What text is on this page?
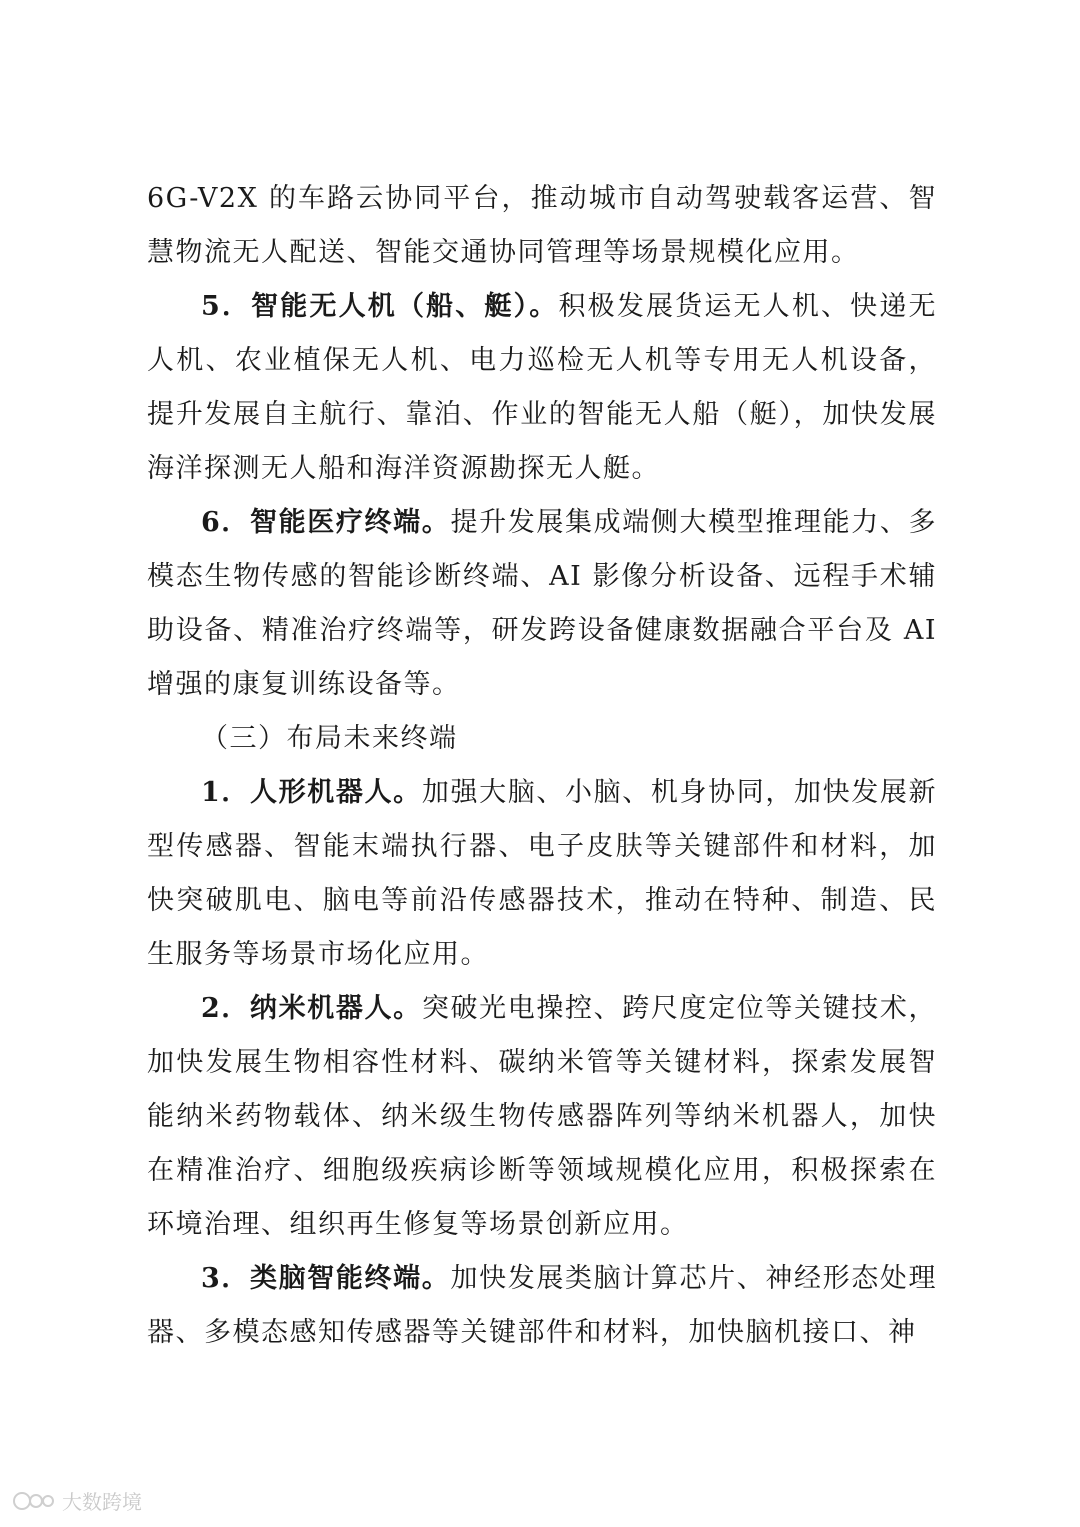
6G-V2X 的车路云协同平台，推动城市自动驾驶载客运营、智慧物流无人配送、智能交通协同管理等场景规模化应用。

5．智能无人机（船、艇）。积极发展货运无人机、快递无人机、农业植保无人机、电力巡检无人机等专用无人机设备，提升发展自主航行、靠泊、作业的智能无人船（艇），加快发展海洋探测无人船和海洋资源勘探无人艇。

6．智能医疗终端。提升发展集成端侧大模型推理能力、多模态生物传感的智能诊断终端、AI 影像分析设备、远程手术辅助设备、精准治疗终端等，研发跨设备健康数据融合平台及 AI 增强的康复训练设备等。

（三）布局未来终端

1．人形机器人。加强大脑、小脑、机身协同，加快发展新型传感器、智能末端执行器、电子皮肤等关键部件和材料，加快突破肌电、脑电等前沿传感器技术，推动在特种、制造、民生服务等场景市场化应用。

2．纳米机器人。突破光电操控、跨尺度定位等关键技术，加快发展生物相容性材料、碳纳米管等关键材料，探索发展智能纳米药物载体、纳米级生物传感器阵列等纳米机器人，加快在精准治疗、细胞级疾病诊断等领域规模化应用，积极探索在环境治理、组织再生修复等场景创新应用。

3．类脑智能终端。加快发展类脑计算芯片、神经形态处理器、多模态感知传感器等关键部件和材料，加快脑机接口、神

大数跨境
